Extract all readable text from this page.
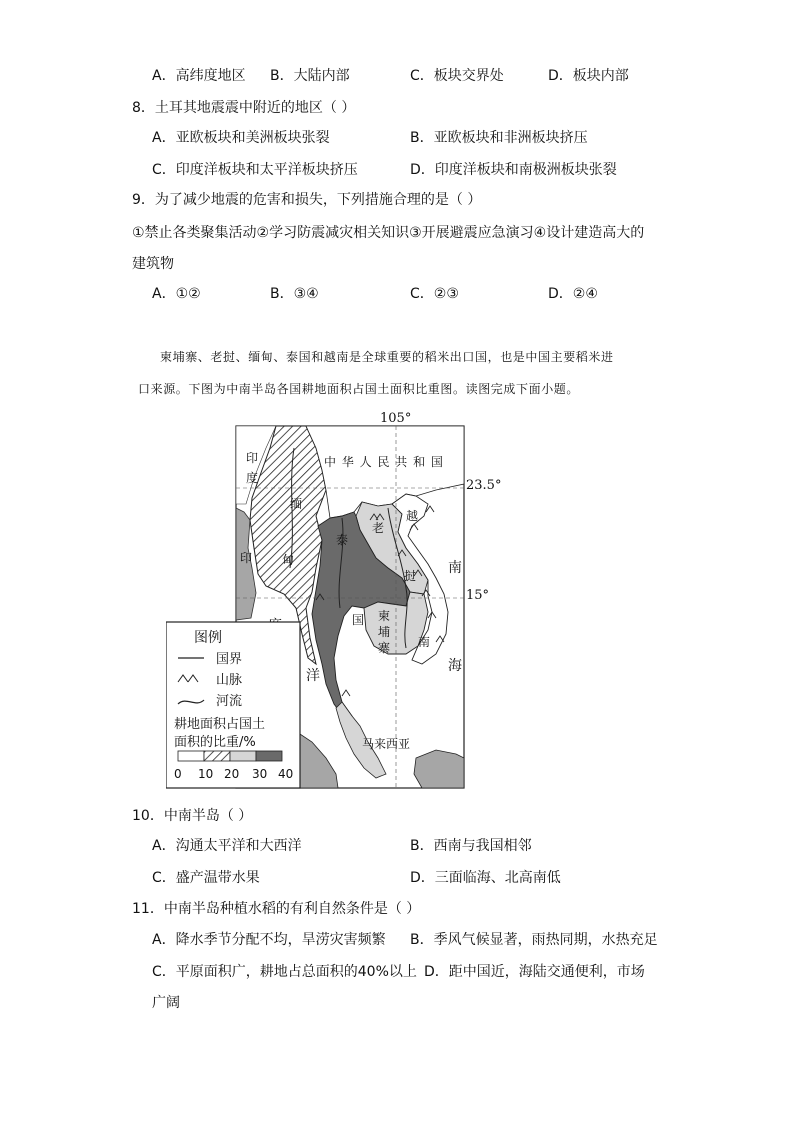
A．高纬度地区 B．大陆内部	C．板块交界处	D．板块内部
8．土耳其地震震中附近的地区（ ）
A．亚欧板块和美洲板块张裂	B．亚欧板块和非洲板块挤压
C．印度洋板块和太平洋板块挤压	D．印度洋板块和南极洲板块张裂
9．为了减少地震的危害和损失，下列措施合理的是（ ）
①禁止各类聚集活动②学习防震减灾相关知识③开展避震应急演习④设计建造高大的
建筑物
A．①②	B．③④	C．②③	D．②④
柬埔寨、老挝、缅甸、泰国和越南是全球重要的稻米出口国，也是中国主要稻米进
口来源。下图为中南半岛各国耕地面积占国土面积比重图。读图完成下面小题。
105°
中 华 人 民 共 和 国
印
度
印
缅
甸
泰
国
老
越
挝
南
柬
埔
寨
洋
南
海
马来西亚
图例
国界
山脉
河流
耕地面积占国土
面积的比重/%
0 10 20 30 40
23.5°
15°
10．中南半岛（ ）
A．沟通太平洋和大西洋	B．西南与我国相邻
C．盛产温带水果	D．三面临海、北高南低
11．中南半岛种植水稻的有利自然条件是（ ）
A．降水季节分配不均，旱涝灾害频繁 B．季风气候显著，雨热同期，水热充足
C．平原面积广，耕地占总面积的40%以上 D．距中国近，海陆交通便利，市场
广阔
